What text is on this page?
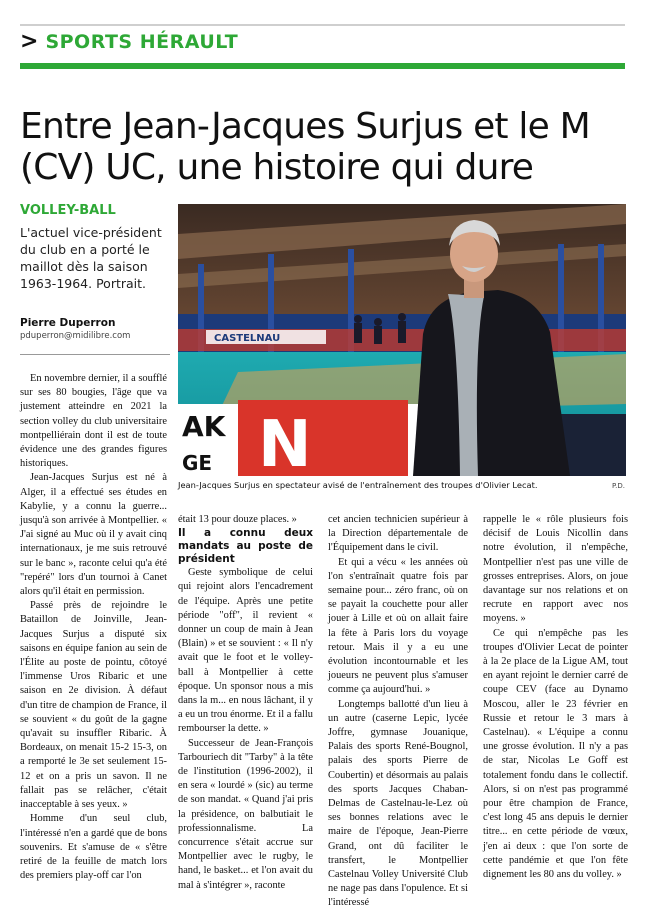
> SPORTS HÉRAULT
Entre Jean-Jacques Surjus et le M (CV) UC, une histoire qui dure
VOLLEY-BALL
L'actuel vice-président du club en a porté le maillot dès la saison 1963-1964. Portrait.
Pierre Duperron
pduperron@midilibre.com	CASTELNAU
AK
GE N
Jean-Jacques Surjus en spectateur avisé de l'entraînement des troupes d'Olivier Lecat.	P.D.

En novembre dernier, il a soufflé sur ses 80 bougies, l'âge que va justement atteindre en 2021 la section volley du club universitaire montpelliérain dont il est de toute évidence une des grandes figures historiques.

Jean-Jacques Surjus est né à Alger, il a effectué ses études en Kabylie, y a connu la guerre... jusqu'à son arrivée à Montpellier. « J'ai signé au Muc où il y avait cinq internationaux, je me suis retrouvé sur le banc », raconte celui qu'a été "repéré" lors d'un tournoi à Canet alors qu'il était en permission.

Passé près de rejoindre le Bataillon de Joinville, Jean-Jacques Surjus a disputé six saisons en équipe fanion au sein de l'Élite au poste de pointu, côtoyé l'immense Uros Ribaric et une saison en 2e division. À défaut d'un titre de champion de France, il se souvient « du goût de la gagne qu'avait su insuffler Ribaric. À Bordeaux, on menait 15-2 15-3, on a remporté le 3e set seulement 15-12 et on a pris un savon. Il ne fallait pas se relâcher, c'était inacceptable à ses yeux. »

Homme d'un seul club, l'intéressé n'en a gardé que de bons souvenirs. Et s'amuse de « s'être retiré de la feuille de match lors des premiers play-off car l'on

était 13 pour douze places. »

Il a connu deux mandats au poste de président

Geste symbolique de celui qui rejoint alors l'encadrement de l'équipe. Après une petite période "off", il revient « donner un coup de main à Jean (Blain) » et se souvient : « Il n'y avait que le foot et le volley-ball à Montpellier à cette époque. Un sponsor nous a mis dans la m... en nous lâchant, il y a eu un trou énorme. Et il a fallu rembourser la dette. »

Successeur de Jean-François Tarbouriech dit "Tarby" à la tête de l'institution (1996-2002), il en sera « lourdé » (sic) au terme de son mandat. « Quand j'ai pris la présidence, on balbutiait le professionnalisme. La concurrence s'était accrue sur Montpellier avec le rugby, le hand, le basket... et l'on avait du mal à s'intégrer », raconte

cet ancien technicien supérieur à la Direction départementale de l'Équipement dans le civil.

Et qui a vécu « les années où l'on s'entraînait quatre fois par semaine pour... zéro franc, où on se payait la couchette pour aller jouer à Lille et où on allait faire la fête à Paris lors du voyage retour. Mais il y a eu une évolution incontournable et les joueurs ne peuvent plus s'amuser comme ça aujourd'hui. »

Longtemps ballotté d'un lieu à un autre (caserne Lepic, lycée Joffre, gymnase Jouanique, Palais des sports René-Bougnol, palais des sports Pierre de Coubertin) et désormais au palais des sports Jacques Chaban-Delmas de Castelnau-le-Lez où ses bonnes relations avec le maire de l'époque, Jean-Pierre Grand, ont dû faciliter le transfert, le Montpellier Castelnau Volley Université Club ne nage pas dans l'opulence. Et si l'intéressé

rappelle le « rôle plusieurs fois décisif de Louis Nicollin dans notre évolution, il n'empêche, Montpellier n'est pas une ville de grosses entreprises. Alors, on joue davantage sur nos relations et on recrute en rapport avec nos moyens. »

Ce qui n'empêche pas les troupes d'Olivier Lecat de pointer à la 2e place de la Ligue AM, tout en ayant rejoint le dernier carré de coupe CEV (face au Dynamo Moscou, aller le 23 février en Russie et retour le 3 mars à Castelnau). « L'équipe a connu une grosse évolution. Il n'y a pas de star, Nicolas Le Goff est totalement fondu dans le collectif. Alors, si on n'est pas programmé pour être champion de France, c'est long 45 ans depuis le dernier titre... en cette période de vœux, j'en ai deux : que l'on sorte de cette pandémie et que l'on fête dignement les 80 ans du volley. »
